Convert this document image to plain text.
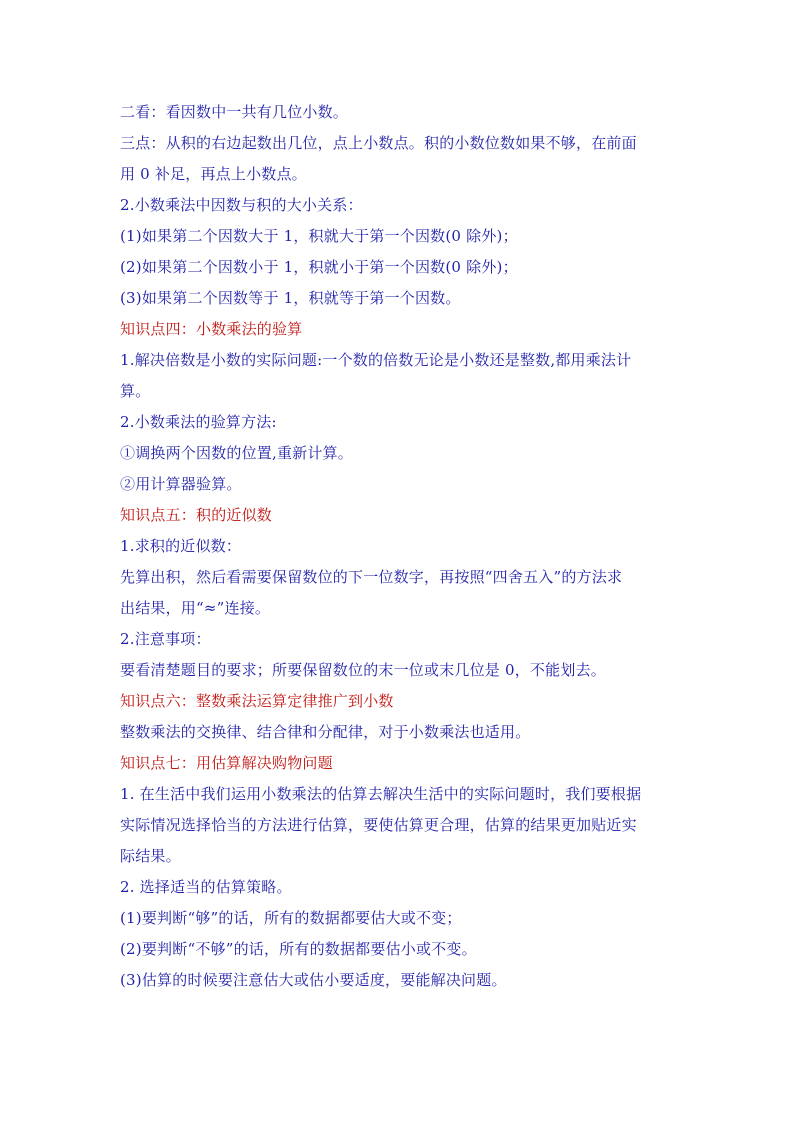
二看：看因数中一共有几位小数。
三点：从积的右边起数出几位，点上小数点。积的小数位数如果不够，在前面
用 0 补足，再点上小数点。
2.小数乘法中因数与积的大小关系：
(1)如果第二个因数大于 1，积就大于第一个因数(0 除外)；
(2)如果第二个因数小于 1，积就小于第一个因数(0 除外)；
(3)如果第二个因数等于 1，积就等于第一个因数。
知识点四：小数乘法的验算
1.解决倍数是小数的实际问题:一个数的倍数无论是小数还是整数,都用乘法计
算。
2.小数乘法的验算方法:
①调换两个因数的位置,重新计算。
②用计算器验算。
知识点五：积的近似数
1.求积的近似数：
先算出积，然后看需要保留数位的下一位数字，再按照“四舍五入”的方法求
出结果，用“≈”连接。
2.注意事项：
要看清楚题目的要求；所要保留数位的末一位或末几位是 0，不能划去。
知识点六：整数乘法运算定律推广到小数
整数乘法的交换律、结合律和分配律，对于小数乘法也适用。
知识点七：用估算解决购物问题
1. 在生活中我们运用小数乘法的估算去解决生活中的实际问题时，我们要根据
实际情况选择恰当的方法进行估算，要使估算更合理，估算的结果更加贴近实
际结果。
2. 选择适当的估算策略。
(1)要判断“够”的话，所有的数据都要估大或不变；
(2)要判断“不够”的话，所有的数据都要估小或不变。
(3)估算的时候要注意估大或估小要适度，要能解决问题。
